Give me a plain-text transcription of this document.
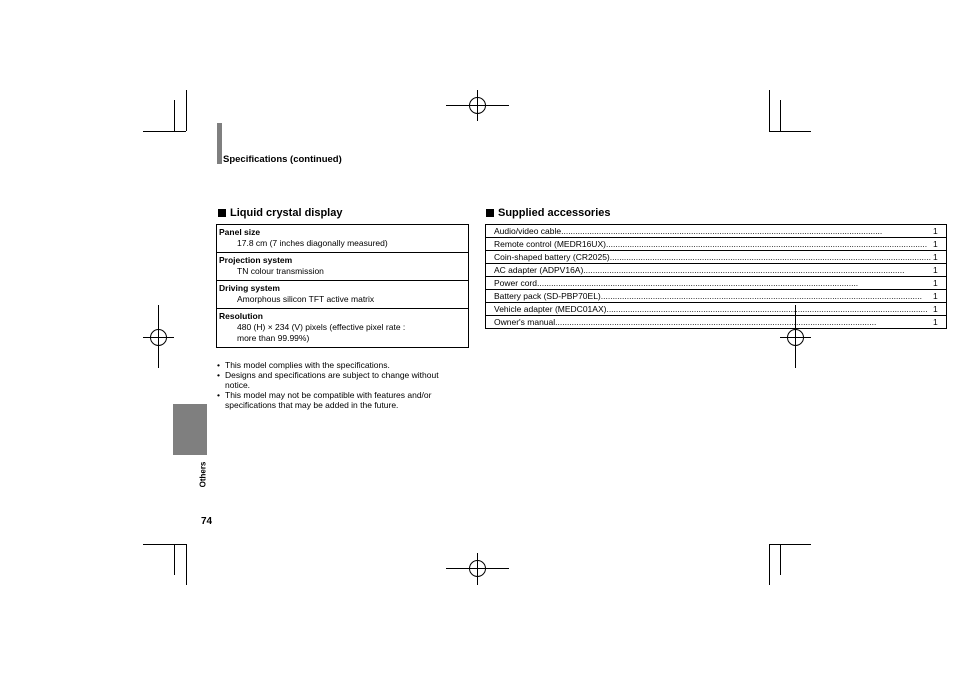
Specifications (continued)
Liquid crystal display
Panel size
17.8 cm (7 inches diagonally measured)

Projection system
TN colour transmission

Driving system
Amorphous silicon TFT active matrix

Resolution
480 (H) × 234 (V) pixels (effective pixel rate :
more than 99.99%)
• This model complies with the specifications.
• Designs and specifications are subject to change without notice.
• This model may not be compatible with features and/or specifications that may be added in the future.
Supplied accessories
Audio/video cable .....	1

Remote control (MEDR16UX) .....	1

Coin-shaped battery (CR2025) .....	1

AC adapter (ADPV16A) .....	1

Power cord .....	1

Battery pack (SD-PBP70EL) .....	1

Vehicle adapter (MEDC01AX) .....	1

Owner's manual .....	1
Others
74
